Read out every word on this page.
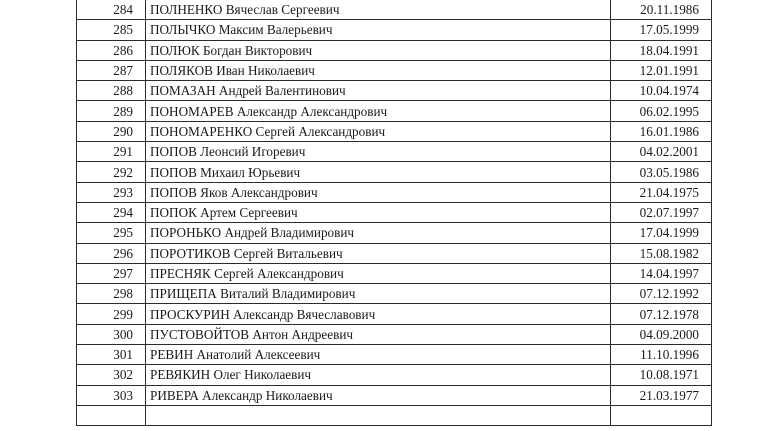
284	ПОЛНЕНКО Вячеслав Сергеевич	20.11.1986
285	ПОЛЫЧКО Максим Валерьевич	17.05.1999
286	ПОЛЮК Богдан Викторович	18.04.1991
287	ПОЛЯКОВ Иван Николаевич	12.01.1991
288	ПОМАЗАН Андрей Валентинович	10.04.1974
289	ПОНОМАРЕВ Александр Александрович	06.02.1995
290	ПОНОМАРЕНКО Сергей Александрович	16.01.1986
291	ПОПОВ Леонсий Игоревич	04.02.2001
292	ПОПОВ Михаил Юрьевич	03.05.1986
293	ПОПОВ Яков Александрович	21.04.1975
294	ПОПОК Артем Сергеевич	02.07.1997
295	ПОРОНЬКО Андрей Владимирович	17.04.1999
296	ПОРОТИКОВ Сергей Витальевич	15.08.1982
297	ПРЕСНЯК Сергей Александрович	14.04.1997
298	ПРИЩЕПА Виталий Владимирович	07.12.1992
299	ПРОСКУРИН Александр Вячеславович	07.12.1978
300	ПУСТОВОЙТОВ Антон Андреевич	04.09.2000
301	РЕВИН Анатолий Алексеевич	11.10.1996
302	РЕВЯКИН Олег Николаевич	10.08.1971
303	РИВЕРА Александр Николаевич	21.03.1977
